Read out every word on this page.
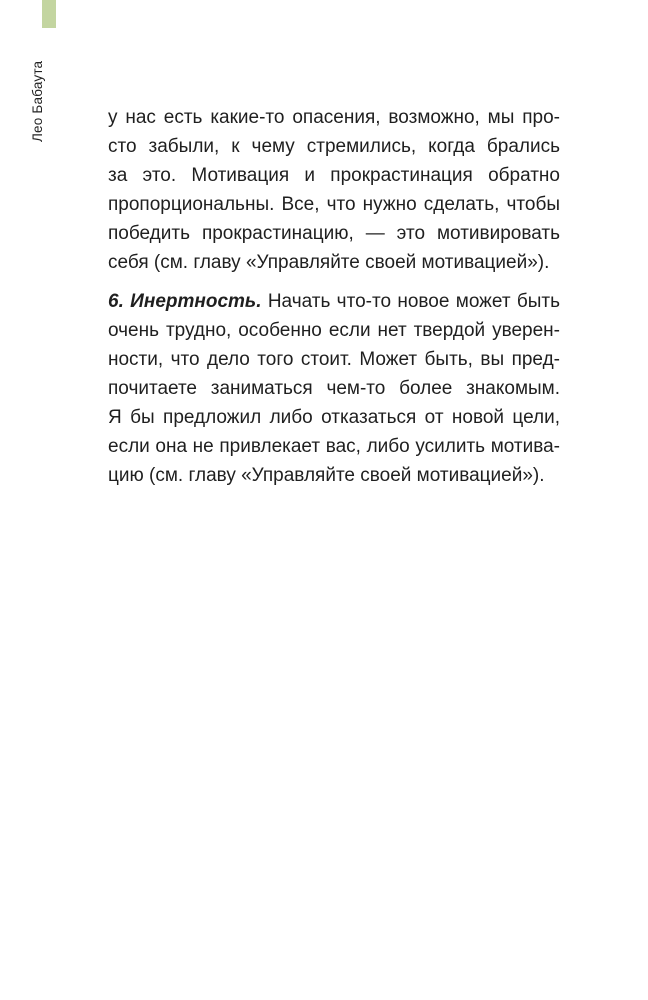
Лео Бабаута	у нас есть какие-то опасения, возможно, мы про-
сто забыли, к чему стремились, когда брались
за это. Мотивация и прокрастинация обратно
пропорциональны. Все, что нужно сделать, чтобы
победить прокрастинацию, — это мотивировать
себя (см. главу «Управляйте своей мотивацией»).

6. Инертность. Начать что-то новое может быть
очень трудно, особенно если нет твердой уверен-
ности, что дело того стоит. Может быть, вы пред-
почитаете заниматься чем-то более знакомым.
Я бы предложил либо отказаться от новой цели,
если она не привлекает вас, либо усилить мотива-
цию (см. главу «Управляйте своей мотивацией»).
